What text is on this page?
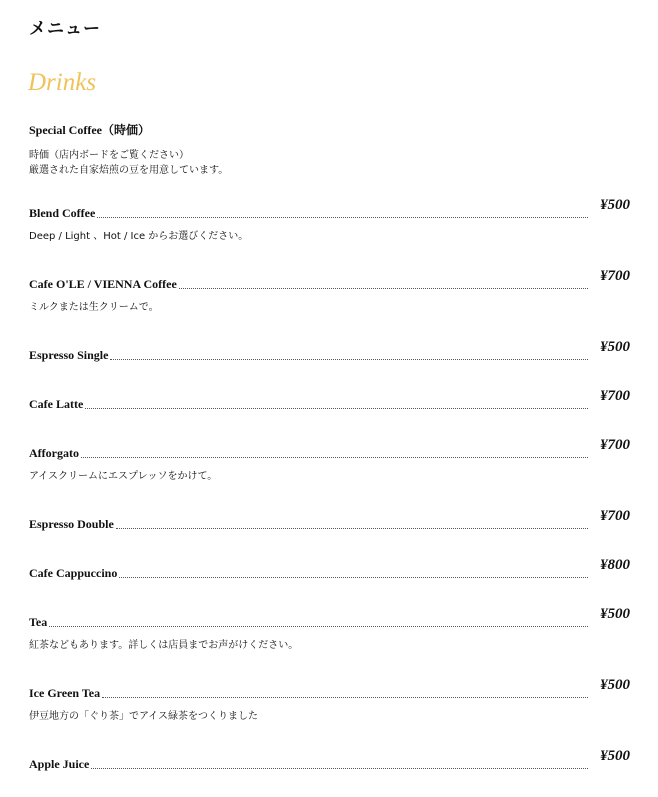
メニュー
Drinks
Special Coffee（時価）
時価（店内ボードをご覧ください）
厳選された自家焙煎の豆を用意しています。
Blend Coffee	¥500
Deep / Light 、Hot / Ice からお選びください。
Cafe O'LE / VIENNA Coffee	¥700
ミルクまたは生クリームで。
Espresso Single	¥500
Cafe Latte	¥700
Afforgato	¥700
アイスクリームにエスプレッソをかけて。
Espresso Double	¥700
Cafe Cappuccino	¥800
Tea	¥500
紅茶などもあります。詳しくは店員までお声がけください。
Ice Green Tea	¥500
伊豆地方の「ぐり茶」でアイス緑茶をつくりました
Apple Juice	¥500
